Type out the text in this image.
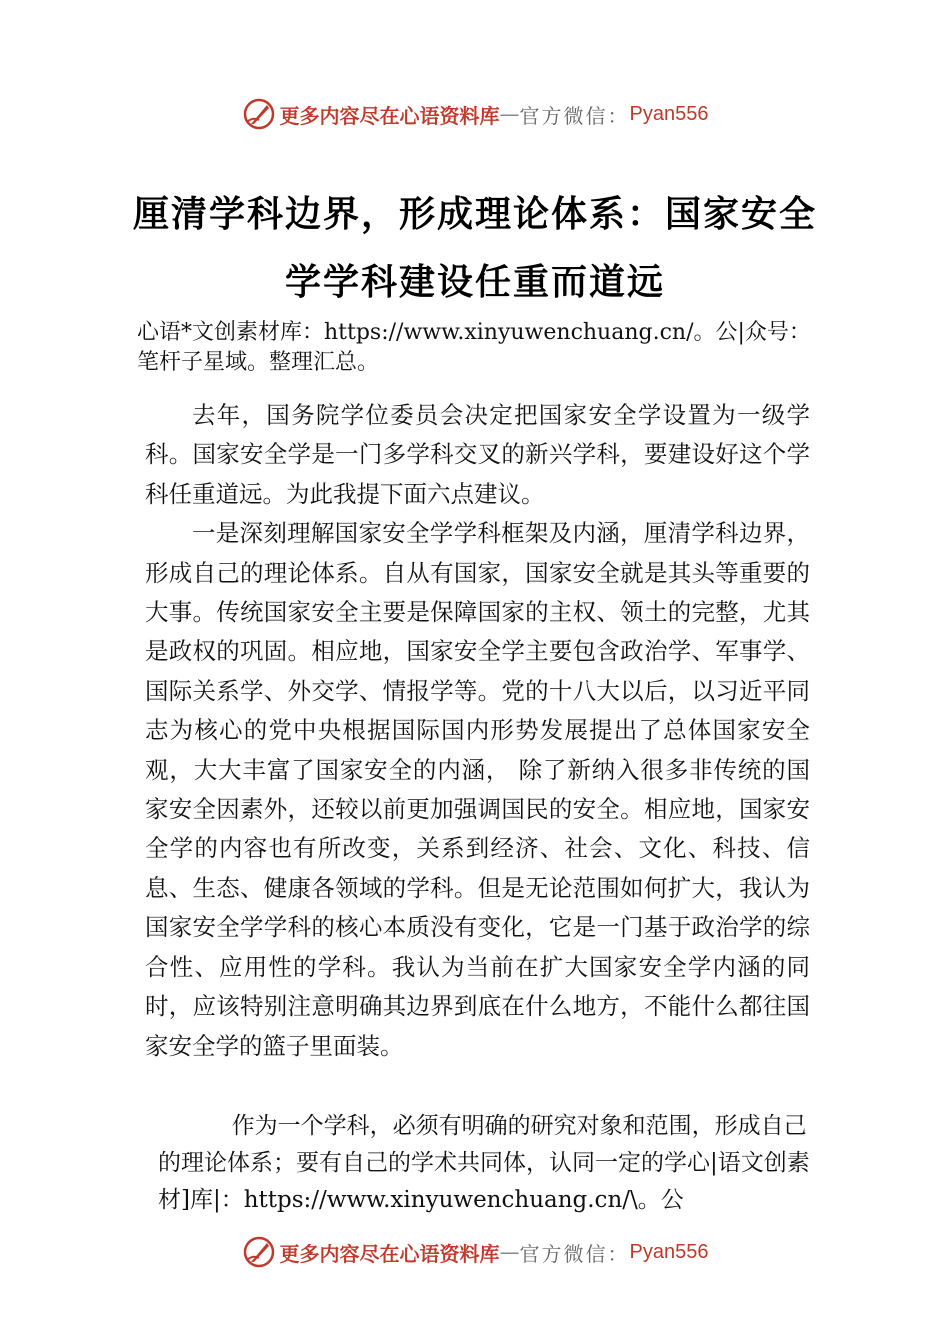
更多内容尽在心语资料库 — 官方微信： Pyan556
厘清学科边界，形成理论体系：国家安全
学学科建设任重而道远
心语*文创素材库：https://www.xinyuwenchuang.cn/。公|众号：笔杆子星域。整理汇总。

去年，国务院学位委员会决定把国家安全学设置为一级学科。国家安全学是一门多学科交叉的新兴学科，要建设好这个学科任重道远。为此我提下面六点建议。

一是深刻理解国家安全学学科框架及内涵，厘清学科边界，形成自己的理论体系。自从有国家，国家安全就是其头等重要的大事。传统国家安全主要是保障国家的主权、领土的完整，尤其是政权的巩固。相应地，国家安全学主要包含政治学、军事学、国际关系学、外交学、情报学等。党的十八大以后，以习近平同志为核心的党中央根据国际国内形势发展提出了总体国家安全观，大大丰富了国家安全的内涵， 除了新纳入很多非传统的国家安全因素外，还较以前更加强调国民的安全。相应地，国家安全学的内容也有所改变，关系到经济、社会、文化、科技、信息、生态、健康各领域的学科。但是无论范围如何扩大，我认为国家安全学学科的核心本质没有变化，它是一门基于政治学的综合性、应用性的学科。我认为当前在扩大国家安全学内涵的同时，应该特别注意明确其边界到底在什么地方，不能什么都往国家安全学的篮子里面装。

作为一个学科，必须有明确的研究对象和范围，形成自己的理论体系；要有自己的学术共同体，认同一定的学心|语文创素材]库|：https://www.xinyuwenchuang.cn/\。公

更多内容尽在心语资料库 — 官方微信： Pyan556
